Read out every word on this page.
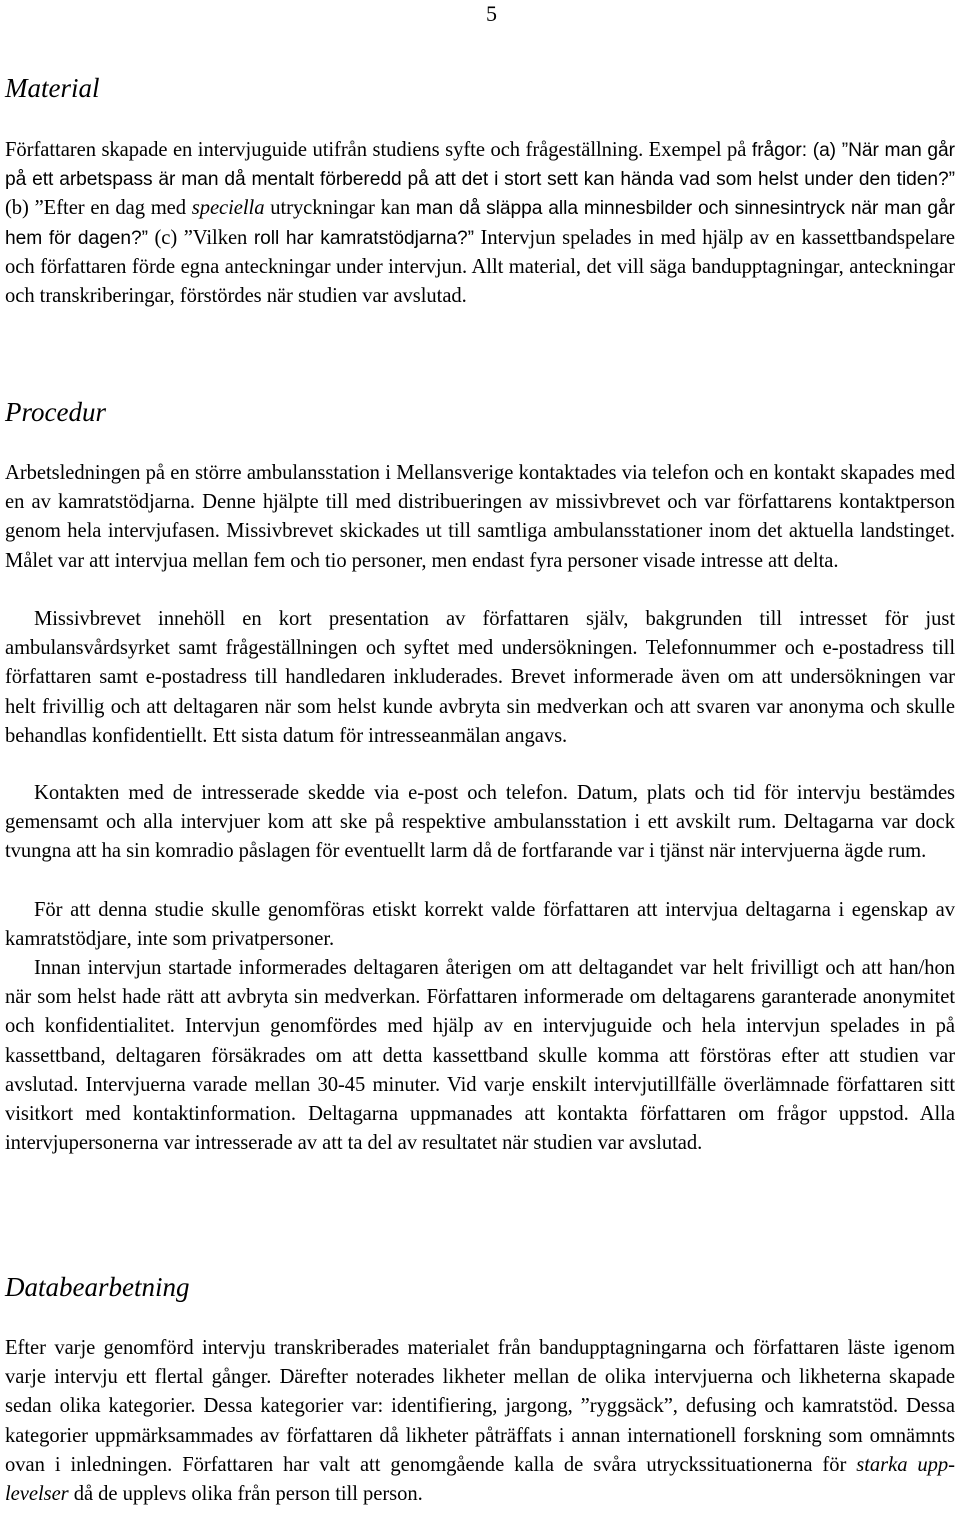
5
Material

Författaren skapade en intervjuguide utifrån studiens syfte och frågeställning. Exempel på frågor: (a) ”När man går på ett arbetspass är man då mentalt förberedd på att det i stort sett kan hända vad som helst under den tiden?” (b) ”Efter en dag med speciella utryckningar kan man då släppa alla minnesbilder och sinnesintryck när man går hem för dagen?” (c) ”Vilken roll har kamratstödjarna?” Intervjun spelades in med hjälp av en kassettbandspelare och författaren förde egna anteckningar under intervjun. Allt material, det vill säga bandupptagningar, anteckningar och transkriberingar, förstördes när studien var avslutad.

Procedur

Arbetsledningen på en större ambulansstation i Mellansverige kontaktades via telefon och en kontakt skapades med en av kamratstödjarna. Denne hjälpte till med distribueringen av missivbrevet och var författarens kontaktperson genom hela intervjufasen. Missivbrevet skickades ut till samtliga ambulansstationer inom det aktuella landstinget. Målet var att intervjua mellan fem och tio personer, men endast fyra personer visade intresse att delta.

Missivbrevet innehöll en kort presentation av författaren själv, bakgrunden till intresset för just ambulansvårdsyrket samt frågeställningen och syftet med undersökningen. Telefonnummer och e-postadress till författaren samt e-postadress till handledaren inkluderades. Brevet informerade även om att undersökningen var helt frivillig och att deltagaren när som helst kunde avbryta sin medverkan och att svaren var anonyma och skulle behandlas konfidentiellt. Ett sista datum för intresseanmälan angavs.

Kontakten med de intresserade skedde via e-post och telefon. Datum, plats och tid för intervju bestämdes gemensamt och alla intervjuer kom att ske på respektive ambulansstation i ett avskilt rum. Deltagarna var dock tvungna att ha sin komradio påslagen för eventuellt larm då de fortfarande var i tjänst när intervjuerna ägde rum.

För att denna studie skulle genomföras etiskt korrekt valde författaren att intervjua deltagarna i egenskap av kamratstödjare, inte som privatpersoner.

Innan intervjun startade informerades deltagaren återigen om att deltagandet var helt frivilligt och att han/hon när som helst hade rätt att avbryta sin medverkan. Författaren informerade om deltagarens garanterade anonymitet och konfidentialitet. Intervjun genomfördes med hjälp av en intervjuguide och hela intervjun spelades in på kassettband, deltagaren försäkrades om att detta kassettband skulle komma att förstöras efter att studien var avslutad. Intervjuerna varade mellan 30-45 minuter. Vid varje enskilt intervjutillfälle överlämnade författaren sitt visitkort med kontaktinformation. Deltagarna uppmanades att kontakta författaren om frågor uppstod. Alla intervjupersonerna var intresserade av att ta del av resultatet när studien var avslutad.

Databearbetning

Efter varje genomförd intervju transkriberades materialet från bandupptagningarna och författaren läste igenom varje intervju ett flertal gånger. Därefter noterades likheter mellan de olika intervjuerna och likheterna skapade sedan olika kategorier. Dessa kategorier var: identifiering, jargong, ”ryggsäck”, defusing och kamratstöd. Dessa kategorier uppmärksammades av författaren då likheter påträffats i annan internationell forskning som omnämnts ovan i inledningen. Författaren har valt att genomgående kalla de svåra utryckssituationerna för starka upp- levelser då de upplevs olika från person till person.
